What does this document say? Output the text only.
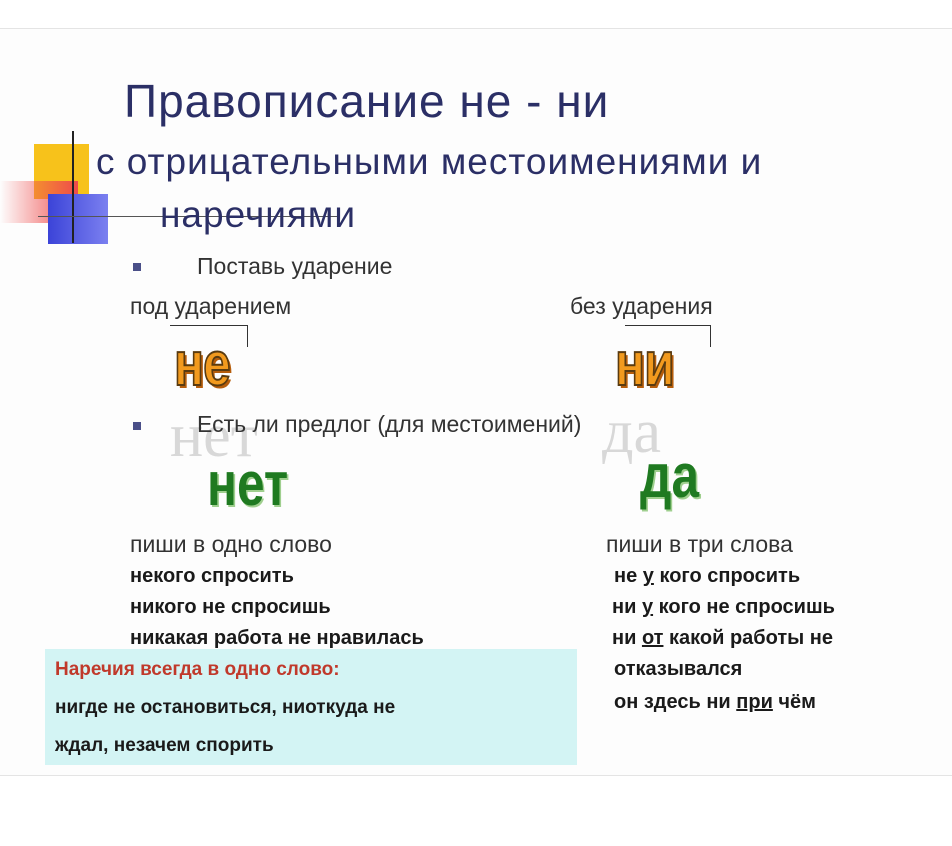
Правописание не - ни
с отрицательными местоимениями и
наречиями
Поставь ударение
под ударением	без ударения
не	ни
нет	да
Есть ли предлог (для местоимений)
нет	да
пиши в одно слово
некого спросить
никого не спросишь
никакая работа не нравилась
пиши в три слова
не у кого спросить
ни у кого не спросишь
ни от какой работы не
отказывался
он здесь ни при чём
Наречия всегда в одно слово:
нигде не остановиться, ниоткуда не
ждал, незачем спорить
